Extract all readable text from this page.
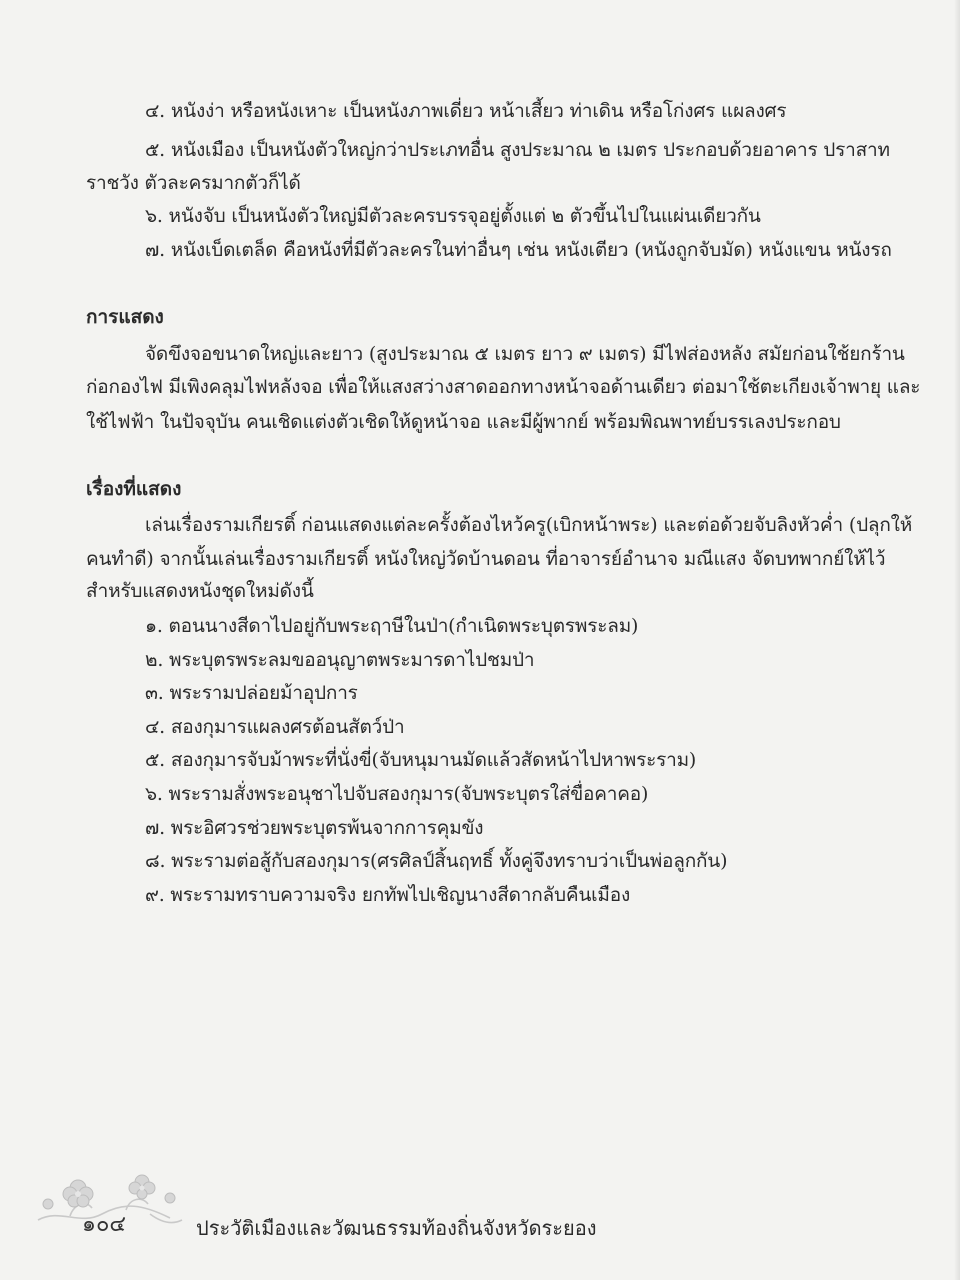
๔. หนังง่า หรือหนังเหาะ เป็นหนังภาพเดี่ยว หน้าเสี้ยว ท่าเดิน หรือโก่งศร แผลงศร
๕. หนังเมือง เป็นหนังตัวใหญ่กว่าประเภทอื่น สูงประมาณ ๒ เมตร ประกอบด้วยอาคาร ปราสาท
ราชวัง ตัวละครมากตัวก็ได้
๖. หนังจับ เป็นหนังตัวใหญ่มีตัวละครบรรจุอยู่ตั้งแต่ ๒ ตัวขึ้นไปในแผ่นเดียวกัน
๗. หนังเบ็ดเตล็ด คือหนังที่มีตัวละครในท่าอื่นๆ เช่น หนังเตียว (หนังถูกจับมัด) หนังแขน หนังรถ
การแสดง
จัดขึงจอขนาดใหญ่และยาว (สูงประมาณ ๕ เมตร ยาว ๙ เมตร) มีไฟส่องหลัง สมัยก่อนใช้ยกร้าน
ก่อกองไฟ มีเพิงคลุมไฟหลังจอ เพื่อให้แสงสว่างสาดออกทางหน้าจอด้านเดียว ต่อมาใช้ตะเกียงเจ้าพายุ และ
ใช้ไฟฟ้า ในปัจจุบัน คนเชิดแต่งตัวเชิดให้ดูหน้าจอ และมีผู้พากย์ พร้อมพิณพาทย์บรรเลงประกอบ
เรื่องที่แสดง
เล่นเรื่องรามเกียรติ์ ก่อนแสดงแต่ละครั้งต้องไหว้ครู(เบิกหน้าพระ) และต่อด้วยจับลิงหัวค่ำ (ปลุกให้
คนทำดี) จากนั้นเล่นเรื่องรามเกียรติ์ หนังใหญ่วัดบ้านดอน ที่อาจารย์อำนาจ มณีแสง จัดบทพากย์ให้ไว้
สำหรับแสดงหนังชุดใหม่ดังนี้
๑. ตอนนางสีดาไปอยู่กับพระฤาษีในป่า(กำเนิดพระบุตรพระลม)
๒. พระบุตรพระลมขออนุญาตพระมารดาไปชมป่า
๓. พระรามปล่อยม้าอุปการ
๔. สองกุมารแผลงศรต้อนสัตว์ป่า
๕. สองกุมารจับม้าพระที่นั่งขี่(จับหนุมานมัดแล้วสัดหน้าไปหาพระราม)
๖. พระรามสั่งพระอนุชาไปจับสองกุมาร(จับพระบุตรใส่ขื่อคาคอ)
๗. พระอิศวรช่วยพระบุตรพ้นจากการคุมขัง
๘. พระรามต่อสู้กับสองกุมาร(ศรศิลป์สิ้นฤทธิ์ ทั้งคู่จึงทราบว่าเป็นพ่อลูกกัน)
๙. พระรามทราบความจริง ยกทัพไปเชิญนางสีดากลับคืนเมือง
๑๐๔	ประวัติเมืองและวัฒนธรรมท้องถิ่นจังหวัดระยอง
